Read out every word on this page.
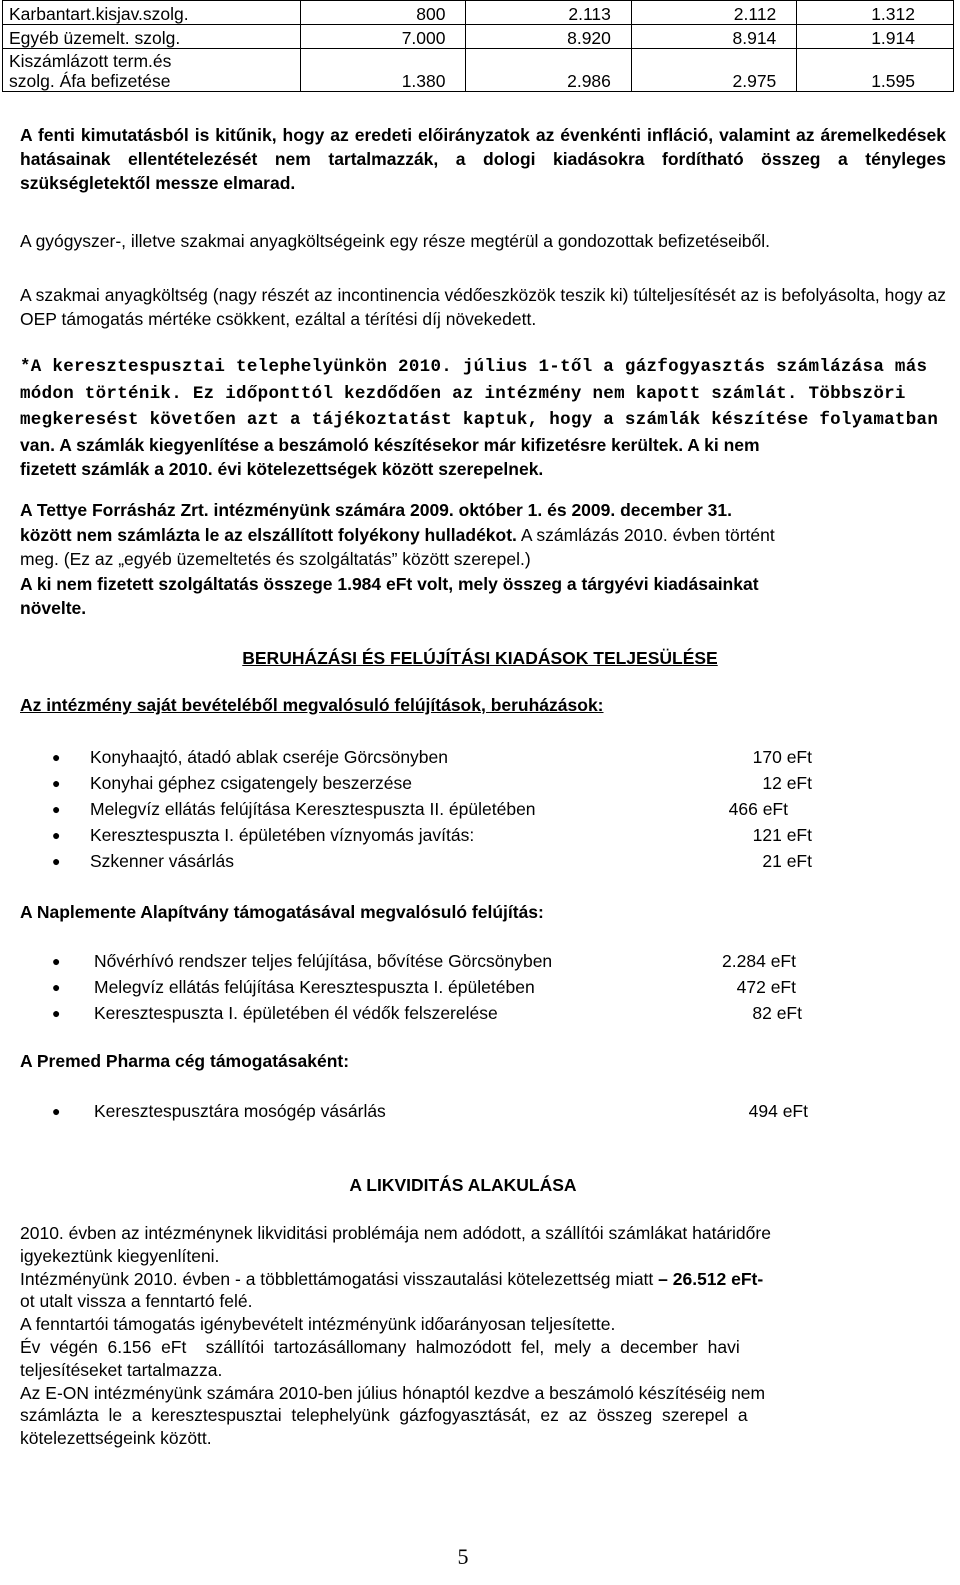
Karbantart.kisjav.szolg.	800	2.113	2.112	1.312
Egyéb üzemelt. szolg.	7.000	8.920	8.914	1.914
Kiszámlázott term.és
szolg. Áfa befizetése	1.380	2.986	2.975	1.595
A fenti kimutatásból is kitűnik, hogy az eredeti előirányzatok az évenkénti infláció, valamint az áremelkedések hatásainak ellentételezését nem tartalmazzák, a dologi kiadásokra fordítható összeg a tényleges szükségletektől messze elmarad.
A gyógyszer-, illetve szakmai anyagköltségeink egy része megtérül a gondozottak befizetéseiből.
A szakmai anyagköltség (nagy részét az incontinencia védőeszközök teszik ki) túlteljesítését az is befolyásolta, hogy az OEP támogatás mértéke csökkent, ezáltal a térítési díj növekedett.
*A keresztespusztai telephelyünkön 2010. július 1-től a gázfogyasztás számlázása más
módon történik. Ez időponttól kezdődően az intézmény nem kapott számlát. Többszöri
megkeresést követően azt a tájékoztatást kaptuk, hogy a számlák készítése folyamatban
van. A számlák kiegyenlítése a beszámoló készítésekor már kifizetésre kerültek. A ki nem
fizetett számlák a 2010. évi kötelezettségek között szerepelnek.
A Tettye Forrásház Zrt. intézményünk számára 2009. október 1. és 2009. december 31.
között nem számlázta le az elszállított folyékony hulladékot. A számlázás 2010. évben történt
meg. (Ez az „egyéb üzemeltetés és szolgáltatás” között szerepel.)
A ki nem fizetett szolgáltatás összege 1.984 eFt volt, mely összeg a tárgyévi kiadásainkat
növelte.
BERUHÁZÁSI ÉS FELÚJÍTÁSI KIADÁSOK TELJESÜLÉSE
Az intézmény saját bevételéből megvalósuló felújítások, beruházások:
● Konyhaajtó, átadó ablak cseréje Görcsönyben	170 eFt
● Konyhai géphez csigatengely beszerzése	12 eFt
● Melegvíz ellátás felújítása Keresztespuszta II. épületében	466 eFt
● Keresztespuszta I. épületében víznyomás javítás:	121 eFt
● Szkenner vásárlás	21 eFt
A Naplemente Alapítvány támogatásával megvalósuló felújítás:
● Nővérhívó rendszer teljes felújítása, bővítése Görcsönyben	2.284 eFt
● Melegvíz ellátás felújítása Keresztespuszta I. épületében	472 eFt
● Keresztespuszta I. épületében él védők felszerelése	82 eFt
A Premed Pharma cég támogatásaként:
● Keresztespusztára mosógép vásárlás	494 eFt
A LIKVIDITÁS ALAKULÁSA
2010. évben az intézménynek likviditási problémája nem adódott, a szállítói számlákat határidőre
igyekeztünk kiegyenlíteni.
Intézményünk 2010. évben - a többlettámogatási visszautalási kötelezettség miatt – 26.512 eFt-
ot utalt vissza a fenntartó felé.
A fenntartói támogatás igénybevételt intézményünk időarányosan teljesítette.
Év  végén  6.156  eFt    szállítói  tartozásállomany  halmozódott  fel,  mely  a  december  havi
teljesítéseket tartalmazza.
Az E-ON intézményünk számára 2010-ben július hónaptól kezdve a beszámoló készítéséig nem
számlázta  le  a  keresztespusztai  telephelyünk  gázfogyasztását,  ez  az  összeg  szerepel  a
kötelezettségeink között.
5
